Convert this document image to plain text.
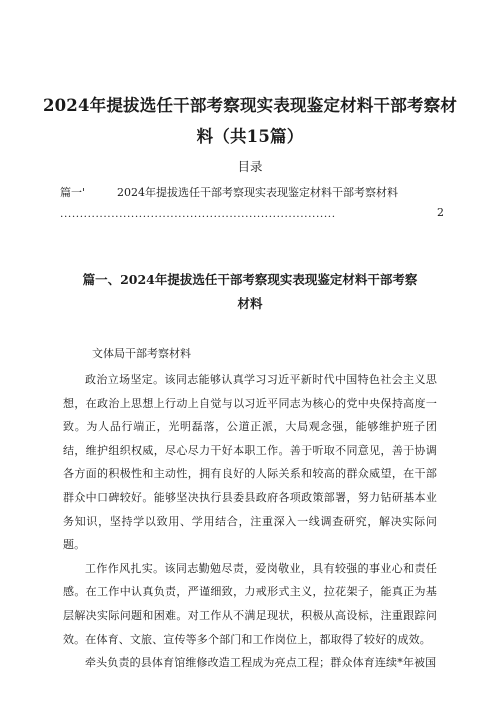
2024年提拔选任干部考察现实表现鉴定材料干部考察材料（共15篇）
目录
篇一'	2024年提拔选任干部考察现实表现鉴定材料干部考察材料
......................................................................	2
篇一、2024年提拔选任干部考察现实表现鉴定材料干部考察材料
文体局干部考察材料

政治立场坚定。该同志能够认真学习习近平新时代中国特色社会主义思想，在政治上思想上行动上自觉与以习近平同志为核心的党中央保持高度一致。为人品行端正，光明磊落，公道正派，大局观念强，能够维护班子团结，维护组织权威，尽心尽力干好本职工作。善于听取不同意见，善于协调各方面的积极性和主动性，拥有良好的人际关系和较高的群众威望，在干部群众中口碑较好。能够坚决执行县委县政府各项政策部署，努力钻研基本业务知识，坚持学以致用、学用结合，注重深入一线调查研究，解决实际问题。

工作作风扎实。该同志勤勉尽责，爱岗敬业，具有较强的事业心和责任感。在工作中认真负责，严谨细致，力戒形式主义，拉花架子，能真正为基层解决实际问题和困难。对工作从不满足现状，积极从高设标，注重跟踪问效。在体育、文旅、宣传等多个部门和工作岗位上，都取得了较好的成效。

牵头负责的县体育馆维修改造工程成为亮点工程；群众体育连续*年被国
